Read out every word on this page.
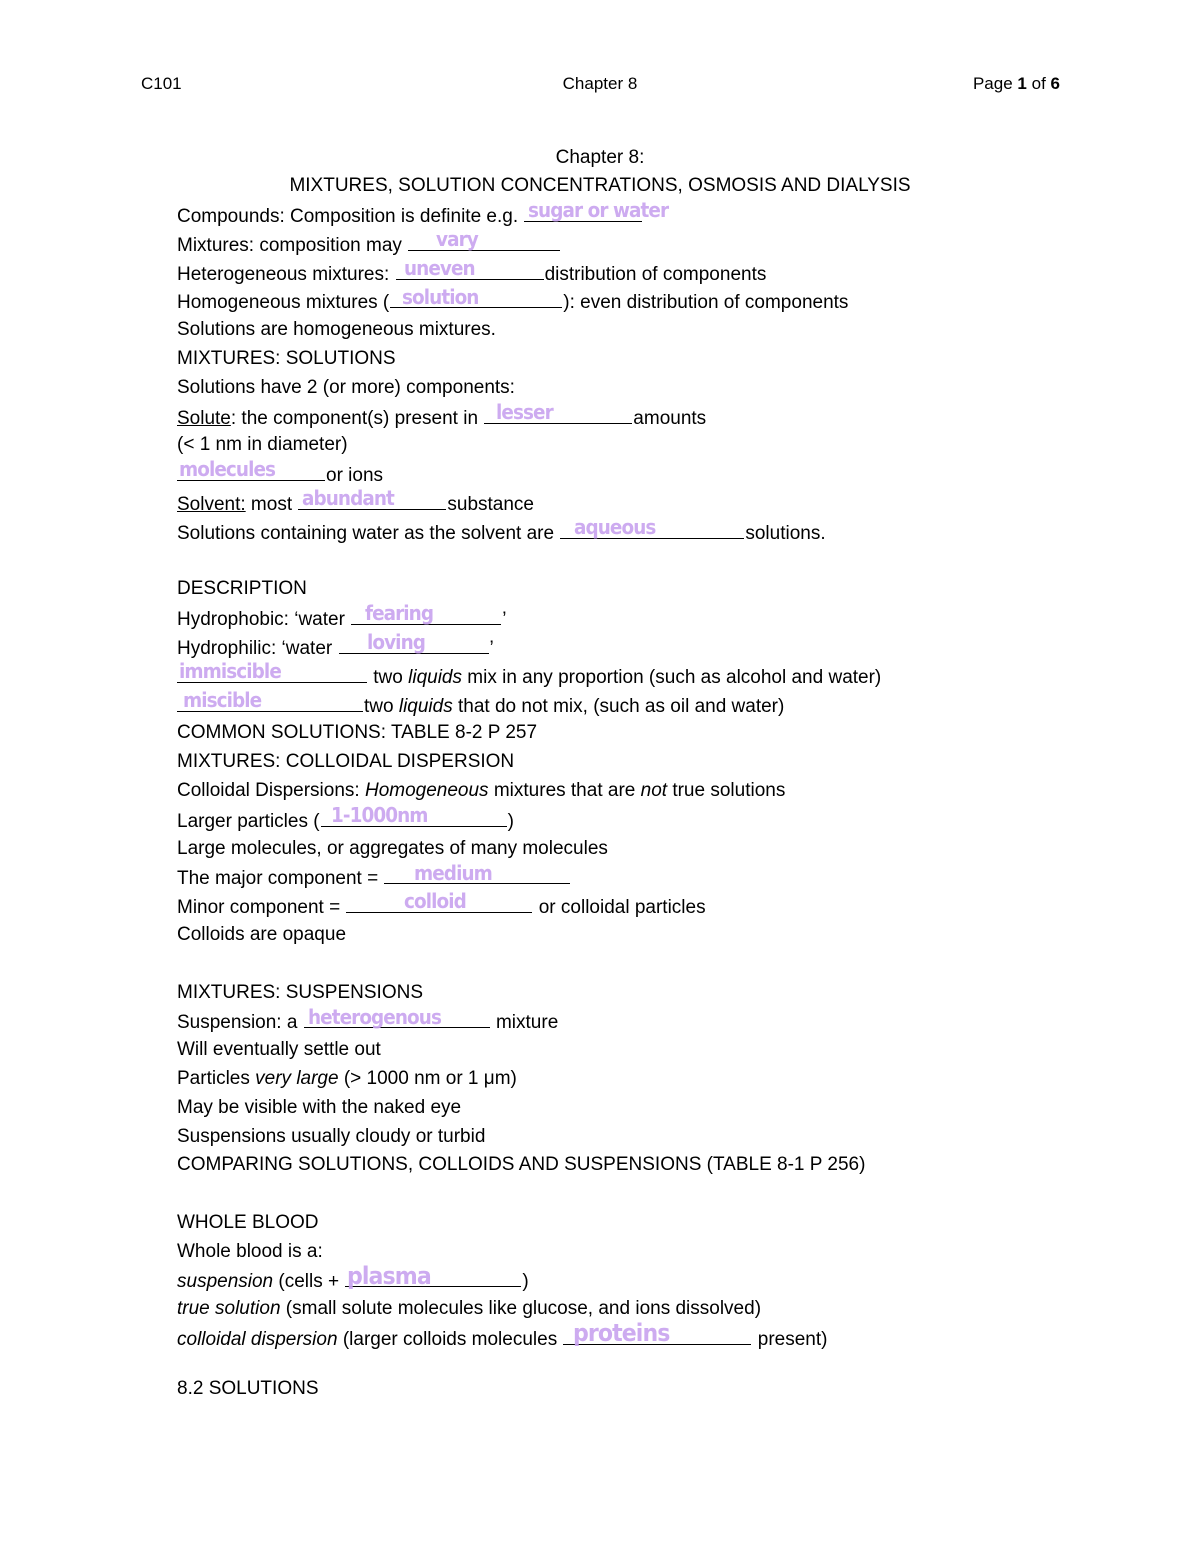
C101	Chapter 8	Page 1 of 6
Chapter 8:
MIXTURES, SOLUTION CONCENTRATIONS, OSMOSIS AND DIALYSIS
Compounds: Composition is definite e.g. sugar or water
Mixtures: composition may vary
Heterogeneous mixtures: uneven	distribution of components
Homogeneous mixtures ( solution	): even distribution of components
Solutions are homogeneous mixtures.
MIXTURES: SOLUTIONS
Solutions have 2 (or more) components:
Solute: the component(s) present in lesser	amounts
(< 1 nm in diameter)
molecules	or ions
Solvent: most abundant	substance
Solutions containing water as the solvent are aqueous	solutions.
DESCRIPTION
Hydrophobic: ‘water fearing	’
Hydrophilic: ‘water loving	’
immiscible	two liquids mix in any proportion (such as alcohol and water)
miscible	two liquids that do not mix, (such as oil and water)
COMMON SOLUTIONS: TABLE 8-2 P 257
MIXTURES: COLLOIDAL DISPERSION
Colloidal Dispersions: Homogeneous mixtures that are not true solutions
Larger particles ( 1-1000nm	)
Large molecules, or aggregates of many molecules
The major component = medium
Minor component =	colloid	or colloidal particles
Colloids are opaque
MIXTURES: SUSPENSIONS
Suspension: a heterogenous	mixture
Will eventually settle out
Particles very large (> 1000 nm or 1 μm)
May be visible with the naked eye
Suspensions usually cloudy or turbid
COMPARING SOLUTIONS, COLLOIDS AND SUSPENSIONS (TABLE 8-1 P 256)
WHOLE BLOOD
Whole blood is a:
suspension (cells + plasma	)
true solution (small solute molecules like glucose, and ions dissolved)
colloidal dispersion (larger colloids molecules proteins	present)
8.2 SOLUTIONS
